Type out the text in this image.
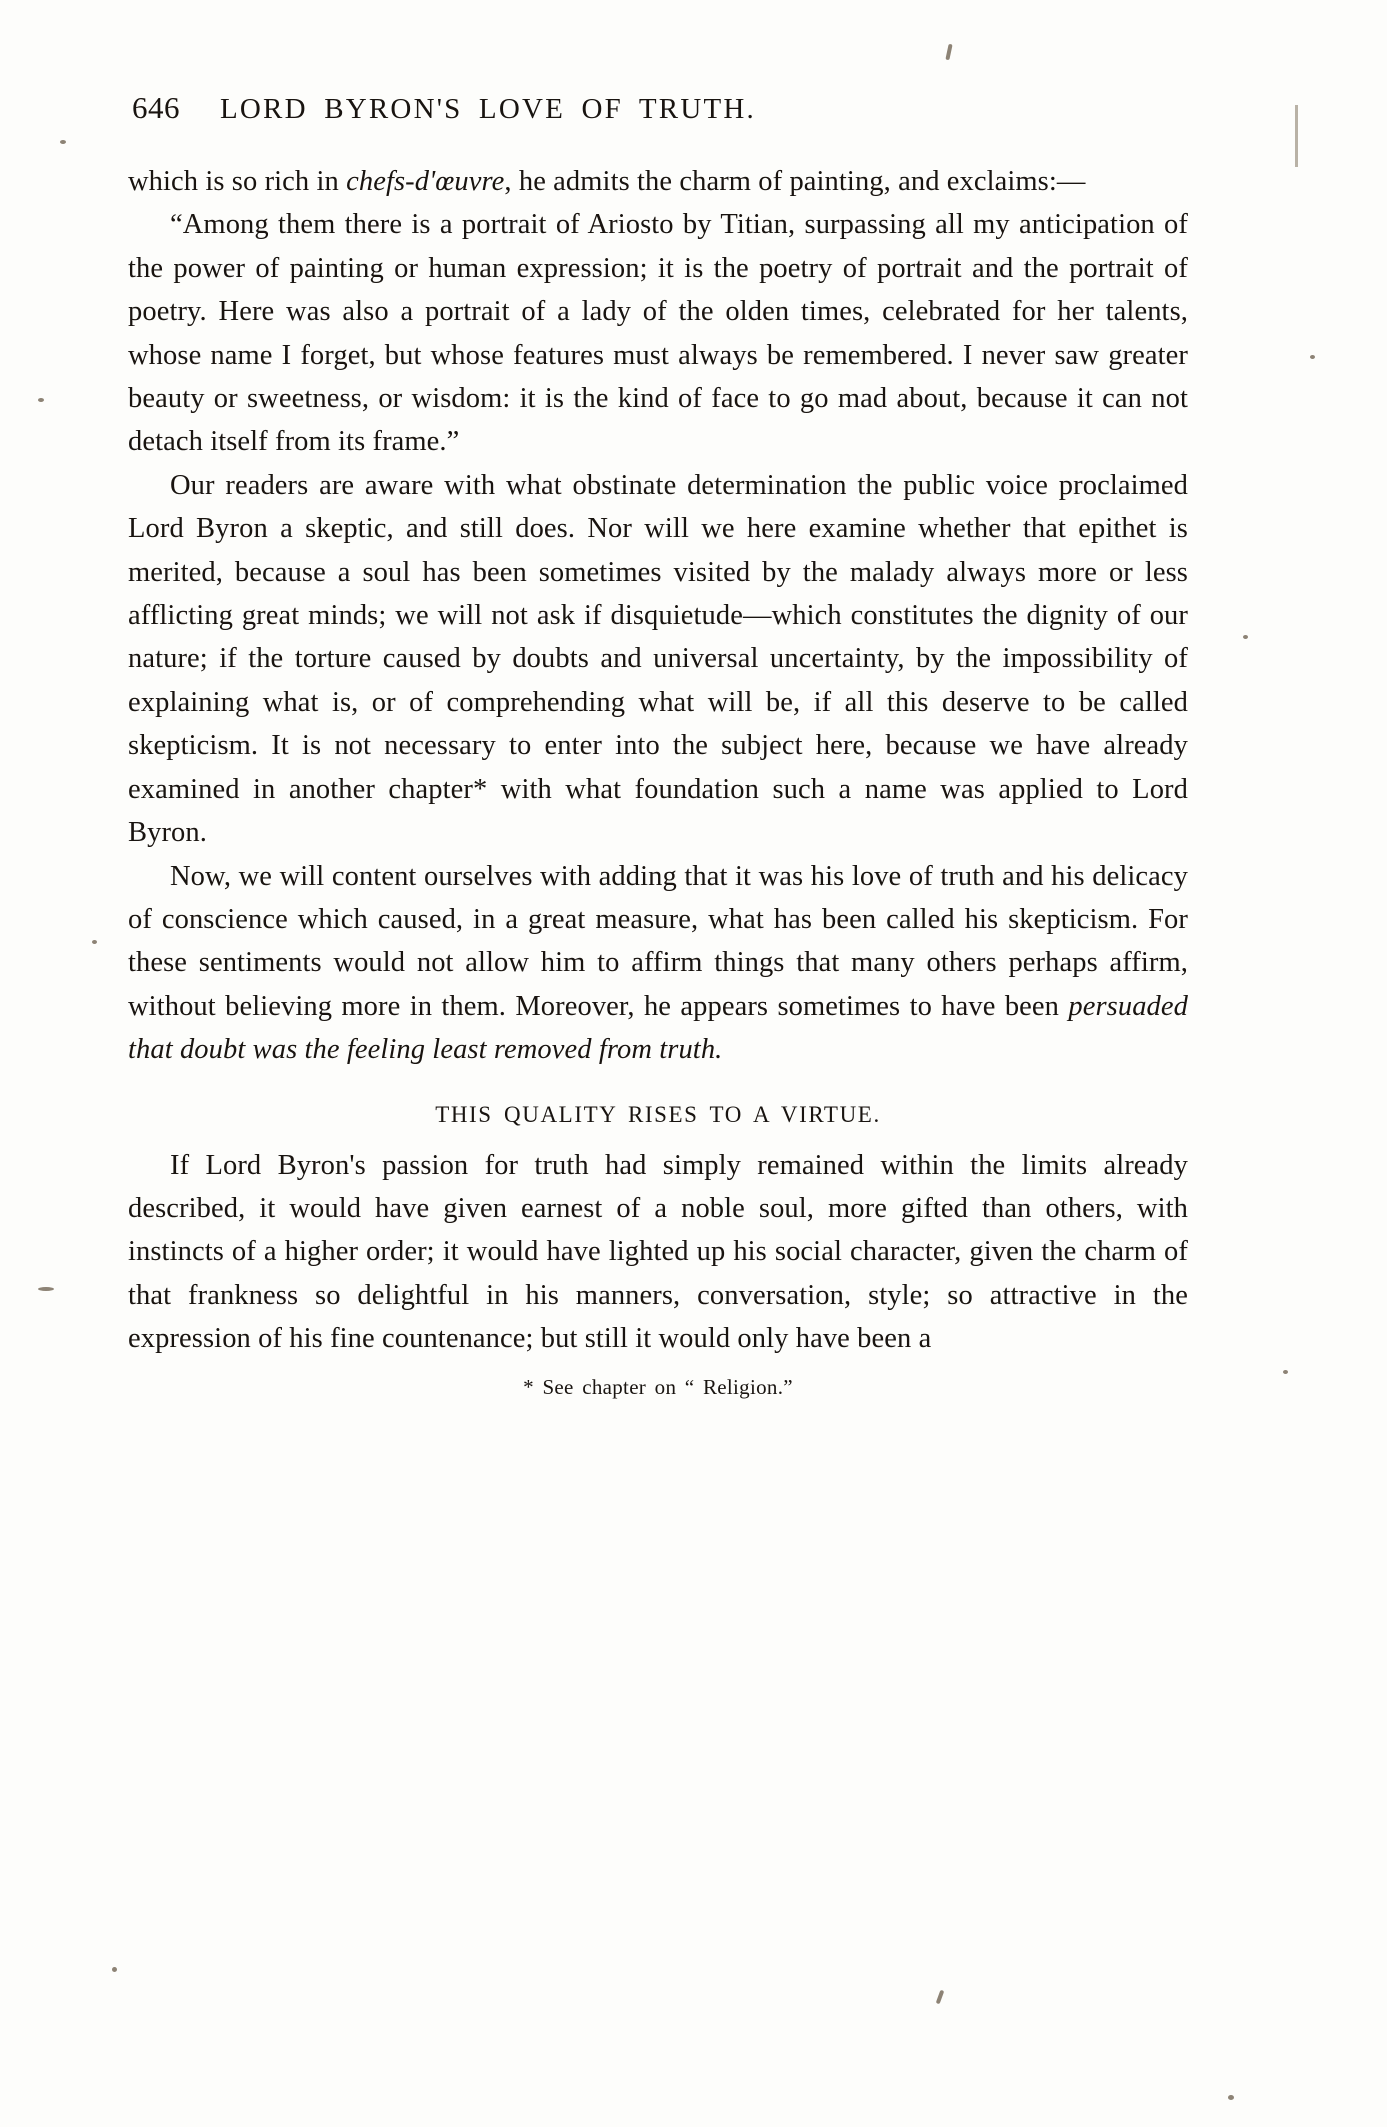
646 LORD BYRON'S LOVE OF TRUTH.

which is so rich in chefs-d'œuvre, he admits the charm of painting, and exclaims:—

“Among them there is a portrait of Ariosto by Titian, surpassing all my anticipation of the power of painting or human expression; it is the poetry of portrait and the portrait of poetry. Here was also a portrait of a lady of the olden times, celebrated for her talents, whose name I forget, but whose features must always be remembered. I never saw greater beauty or sweetness, or wisdom: it is the kind of face to go mad about, because it can not detach itself from its frame.”

Our readers are aware with what obstinate determination the public voice proclaimed Lord Byron a skeptic, and still does. Nor will we here examine whether that epithet is merited, because a soul has been sometimes visited by the malady always more or less afflicting great minds; we will not ask if disquietude—which constitutes the dignity of our nature; if the torture caused by doubts and universal uncertainty, by the impossibility of explaining what is, or of comprehending what will be, if all this deserve to be called skepticism. It is not necessary to enter into the subject here, because we have already examined in another chapter* with what foundation such a name was applied to Lord Byron.

Now, we will content ourselves with adding that it was his love of truth and his delicacy of conscience which caused, in a great measure, what has been called his skepticism. For these sentiments would not allow him to affirm things that many others perhaps affirm, without believing more in them. Moreover, he appears sometimes to have been persuaded that doubt was the feeling least removed from truth.

THIS QUALITY RISES TO A VIRTUE.

If Lord Byron's passion for truth had simply remained within the limits already described, it would have given earnest of a noble soul, more gifted than others, with instincts of a higher order; it would have lighted up his social character, given the charm of that frankness so delightful in his manners, conversation, style; so attractive in the expression of his fine countenance; but still it would only have been a

* See chapter on “ Religion.”
